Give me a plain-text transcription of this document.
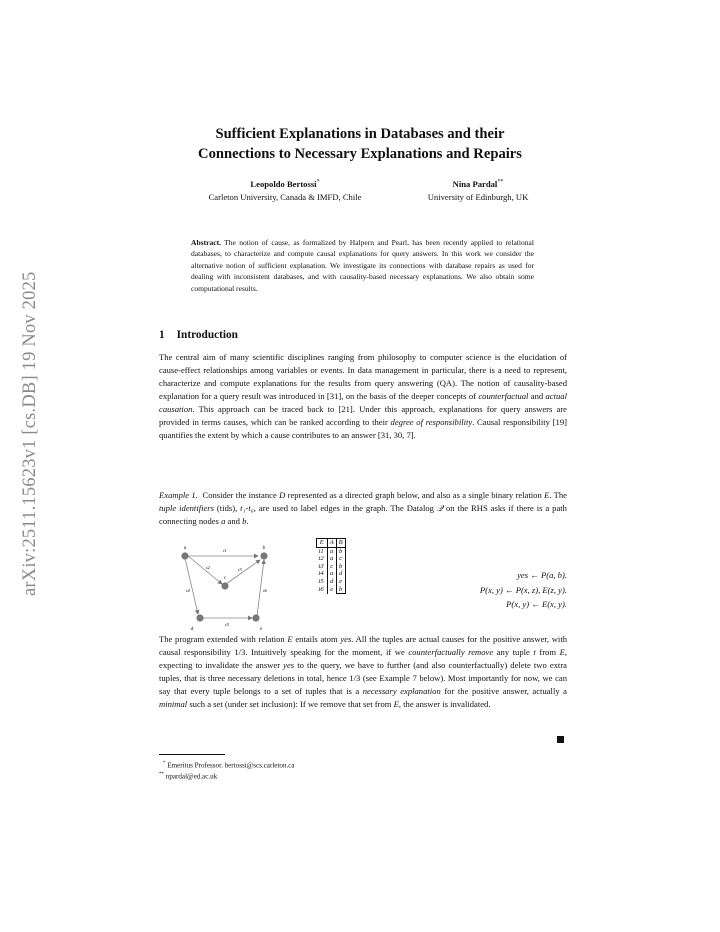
arXiv:2511.15623v1 [cs.DB] 19 Nov 2025
Sufficient Explanations in Databases and their
Connections to Necessary Explanations and Repairs
Leopoldo Bertossi*
Carleton University, Canada & IMFD, Chile
Nina Pardal**
University of Edinburgh, UK
Abstract. The notion of cause, as formalized by Halpern and Pearl, has been recently applied to relational databases, to characterize and compute causal explanations for query answers. In this work we consider the alternative notion of sufficient explanation. We investigate its connections with database repairs as used for dealing with inconsistent databases, and with causality-based necessary explanations. We also obtain some computational results.
1 Introduction
The central aim of many scientific disciplines ranging from philosophy to computer science is the elucidation of cause-effect relationships among variables or events. In data management in particular, there is a need to represent, characterize and compute explanations for the results from query answering (QA). The notion of causality-based explanation for a query result was introduced in [31], on the basis of the deeper concepts of counterfactual and actual causation. This approach can be traced back to [21]. Under this approach, explanations for query answers are provided in terms causes, which can be ranked according to their degree of responsibility. Causal responsibility [19] quantifies the extent by which a cause contributes to an answer [31, 30, 7].
Example 1. Consider the instance D represented as a directed graph below, and also as a single binary relation E. The tuple identifiers (tids), t₁-t₆, are used to label edges in the graph. The Datalog 𝒬 on the RHS asks if there is a path connecting nodes a and b.
a	b
c
d	e
t1
t2	t3
t4
t5
t6
E	A	B
t1	a	b
t2	a	c
t3	c	b
t4	a	d
t5	d	e
t6	e	b
yes ← P(a, b).
P(x, y) ← P(x, z), E(z, y).
P(x, y) ← E(x, y).
The program extended with relation E entails atom yes. All the tuples are actual causes for the positive answer, with causal responsibility 1/3. Intuitively speaking for the moment, if we counterfactually remove any tuple t from E, expecting to invalidate the answer yes to the query, we have to further (and also counterfactually) delete two extra tuples, that is three necessary deletions in total, hence 1/3 (see Example 7 below). Most importantly for now, we can say that every tuple belongs to a set of tuples that is a necessary explanation for the positive answer, actually a minimal such a set (under set inclusion): If we remove that set from E, the answer is invalidated.
* Emeritus Professor. bertossi@scs.carleton.ca
** npardal@ed.ac.uk
